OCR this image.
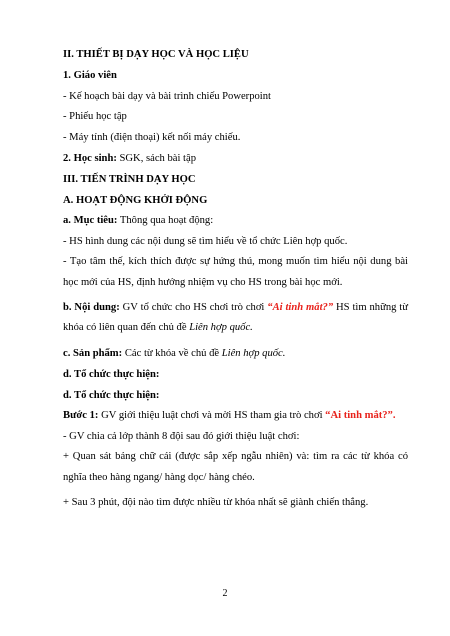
II. THIẾT BỊ DẠY HỌC VÀ HỌC LIỆU
1. Giáo viên
- Kế hoạch bài dạy và bài trình chiếu Powerpoint
- Phiếu học tập
- Máy tính (điện thoại) kết nối máy chiếu.
2. Học sinh: SGK, sách bài tập
III. TIẾN TRÌNH DẠY HỌC
A. HOẠT ĐỘNG KHỞI ĐỘNG
a. Mục tiêu: Thông qua hoạt động:
- HS hình dung các nội dung sẽ tìm hiểu về tổ chức Liên hợp quốc.
- Tạo tâm thế, kích thích được sự hứng thú, mong muốn tìm hiểu nội dung bài học mới của HS, định hướng nhiệm vụ cho HS trong bài học mới.
b. Nội dung: GV tổ chức cho HS chơi trò chơi “Ai tinh mắt?” HS tìm những từ khóa có liên quan đến chủ đề Liên hợp quốc.
c. Sản phẩm: Các từ khóa về chủ đề Liên hợp quốc.
d. Tổ chức thực hiện:
d. Tổ chức thực hiện:
Bước 1: GV giới thiệu luật chơi và mời HS tham gia trò chơi “Ai tinh mắt?”.
- GV chia cả lớp thành 8 đội sau đó giới thiệu luật chơi:
+ Quan sát bảng chữ cái (được sắp xếp ngẫu nhiên) và: tìm ra các từ khóa có nghĩa theo hàng ngang/ hàng dọc/ hàng chéo.
+ Sau 3 phút, đội nào tìm được nhiều từ khóa nhất sẽ giành chiến thắng.
2
